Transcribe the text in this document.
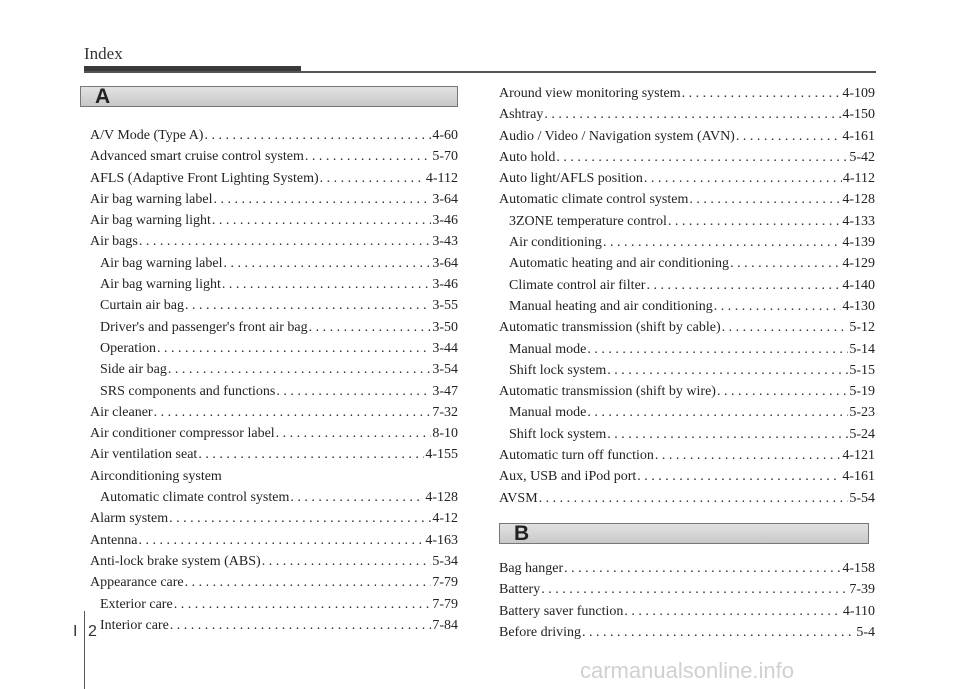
Index
A
A/V Mode (Type A) . . .	4-60
Advanced smart cruise control system . . .	5-70
AFLS (Adaptive Front Lighting System) . . .	4-112
Air bag warning label . . .	3-64
Air bag warning light . . .	3-46
Air bags . . .	3-43
Air bag warning label . . .	3-64
Air bag warning light . . .	3-46
Curtain air bag . . .	3-55
Driver's and passenger's front air bag . . .	3-50
Operation . . .	3-44
Side air bag . . .	3-54
SRS components and functions . . .	3-47
Air cleaner . . .	7-32
Air conditioner compressor label . . .	8-10
Air ventilation seat . . .	4-155
Airconditioning system
Automatic climate control system . . .	4-128
Alarm system . . .	4-12
Antenna . . .	4-163
Anti-lock brake system (ABS) . . .	5-34
Appearance care . . .	7-79
Exterior care . . .	7-79
Interior care . . .	7-84
Around view monitoring system . . .	4-109
Ashtray . . .	4-150
Audio / Video / Navigation system (AVN) . . .	4-161
Auto hold . . .	5-42
Auto light/AFLS position . . .	4-112
Automatic climate control system . . .	4-128
3ZONE temperature control . . .	4-133
Air conditioning . . .	4-139
Automatic heating and air conditioning . . .	4-129
Climate control air filter . . .	4-140
Manual heating and air conditioning . . .	4-130
Automatic transmission (shift by cable) . . .	5-12
Manual mode . . .	5-14
Shift lock system . . .	5-15
Automatic transmission (shift by wire) . . .	5-19
Manual mode . . .	5-23
Shift lock system . . .	5-24
Automatic turn off function . . .	4-121
Aux, USB and iPod port . . .	4-161
AVSM . . .	5-54
B
Bag hanger . . .	4-158
Battery . . .	7-39
Battery saver function . . .	4-110
Before driving . . .	5-4
I 2
carmanualsonline.info
